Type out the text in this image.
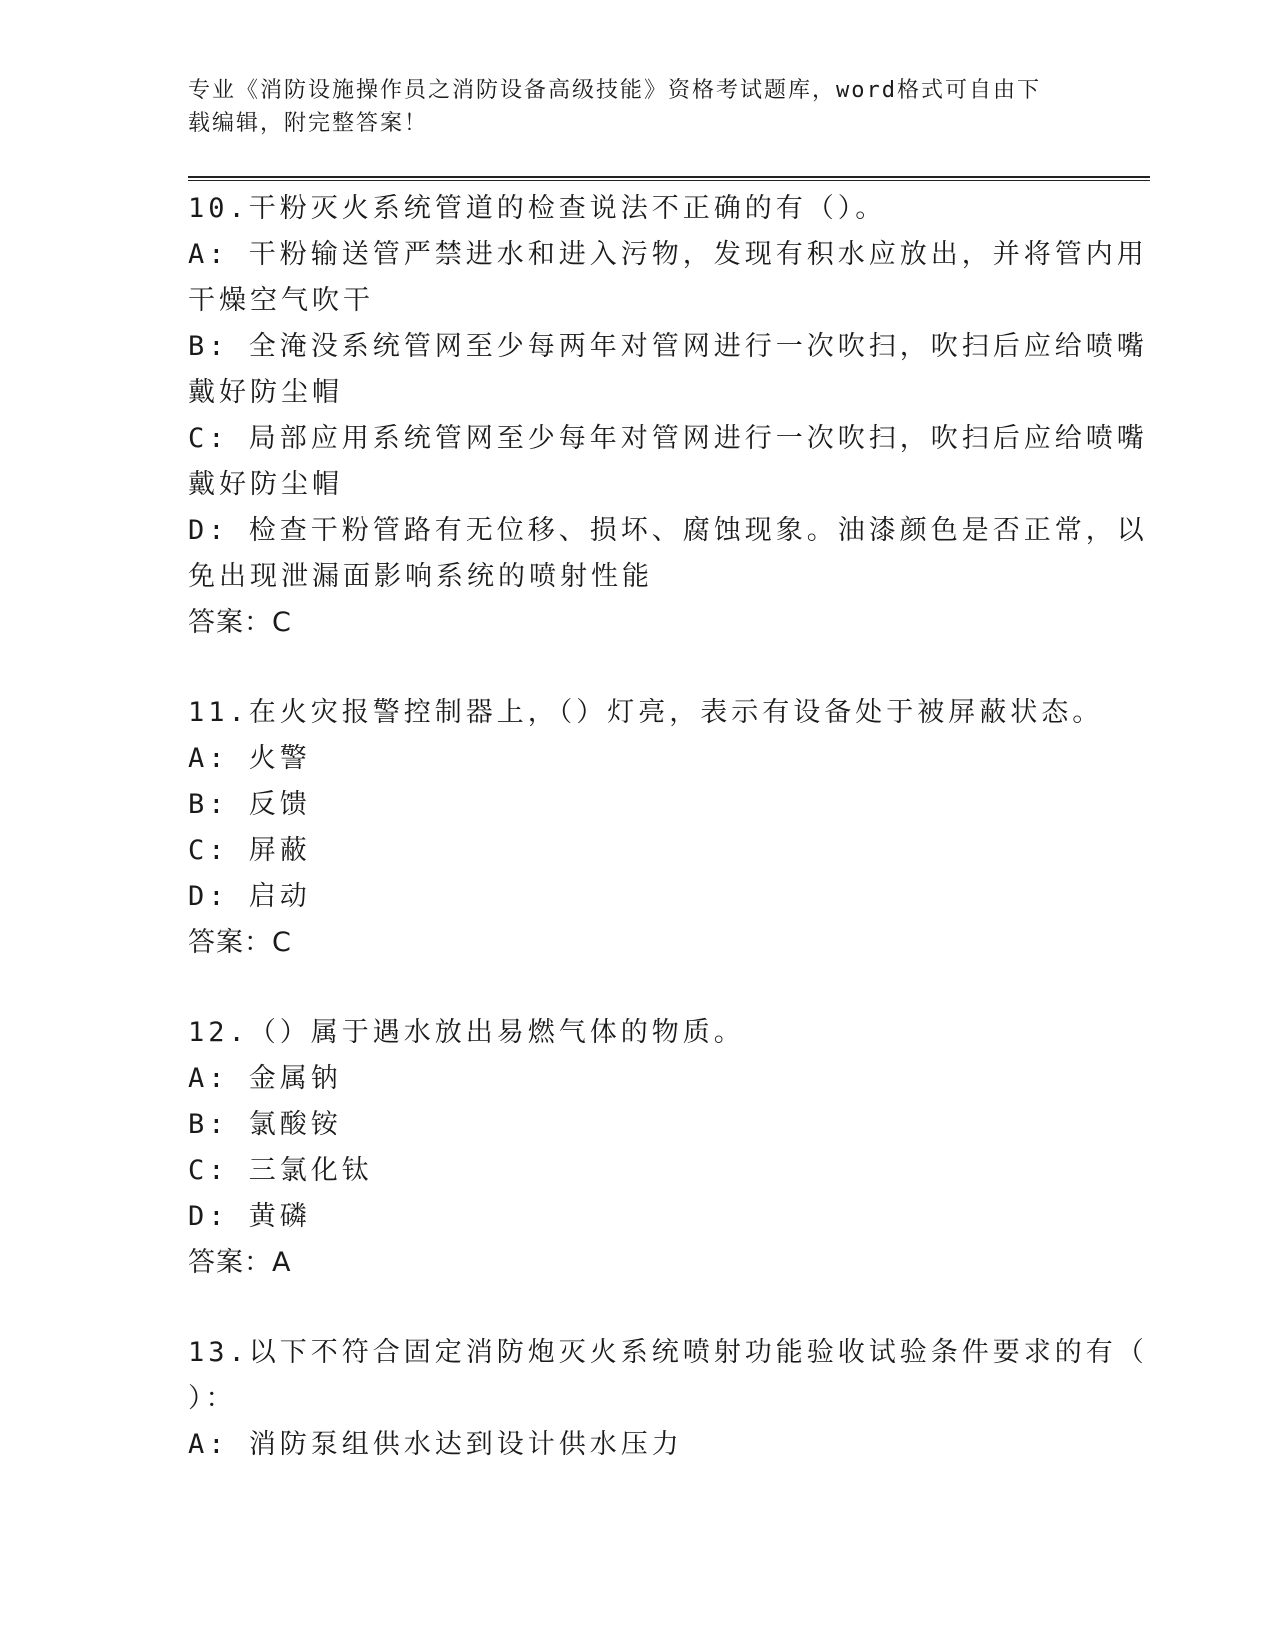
专业《消防设施操作员之消防设备高级技能》资格考试题库，word格式可自由下
载编辑，附完整答案！
10.干粉灭火系统管道的检查说法不正确的有（）。
A: 干粉输送管严禁进水和进入污物，发现有积水应放出，并将管内用
干燥空气吹干
B: 全淹没系统管网至少每两年对管网进行一次吹扫，吹扫后应给喷嘴
戴好防尘帽
C: 局部应用系统管网至少每年对管网进行一次吹扫，吹扫后应给喷嘴
戴好防尘帽
D: 检查干粉管路有无位移、损坏、腐蚀现象。油漆颜色是否正常，以
免出现泄漏面影响系统的喷射性能
答案：C
11.在火灾报警控制器上，（）灯亮，表示有设备处于被屏蔽状态。
A: 火警
B: 反馈
C: 屏蔽
D: 启动
答案：C
12.（）属于遇水放出易燃气体的物质。
A: 金属钠
B: 氯酸铵
C: 三氯化钛
D: 黄磷
答案：A
13.以下不符合固定消防炮灭火系统喷射功能验收试验条件要求的有（
）：
A: 消防泵组供水达到设计供水压力
